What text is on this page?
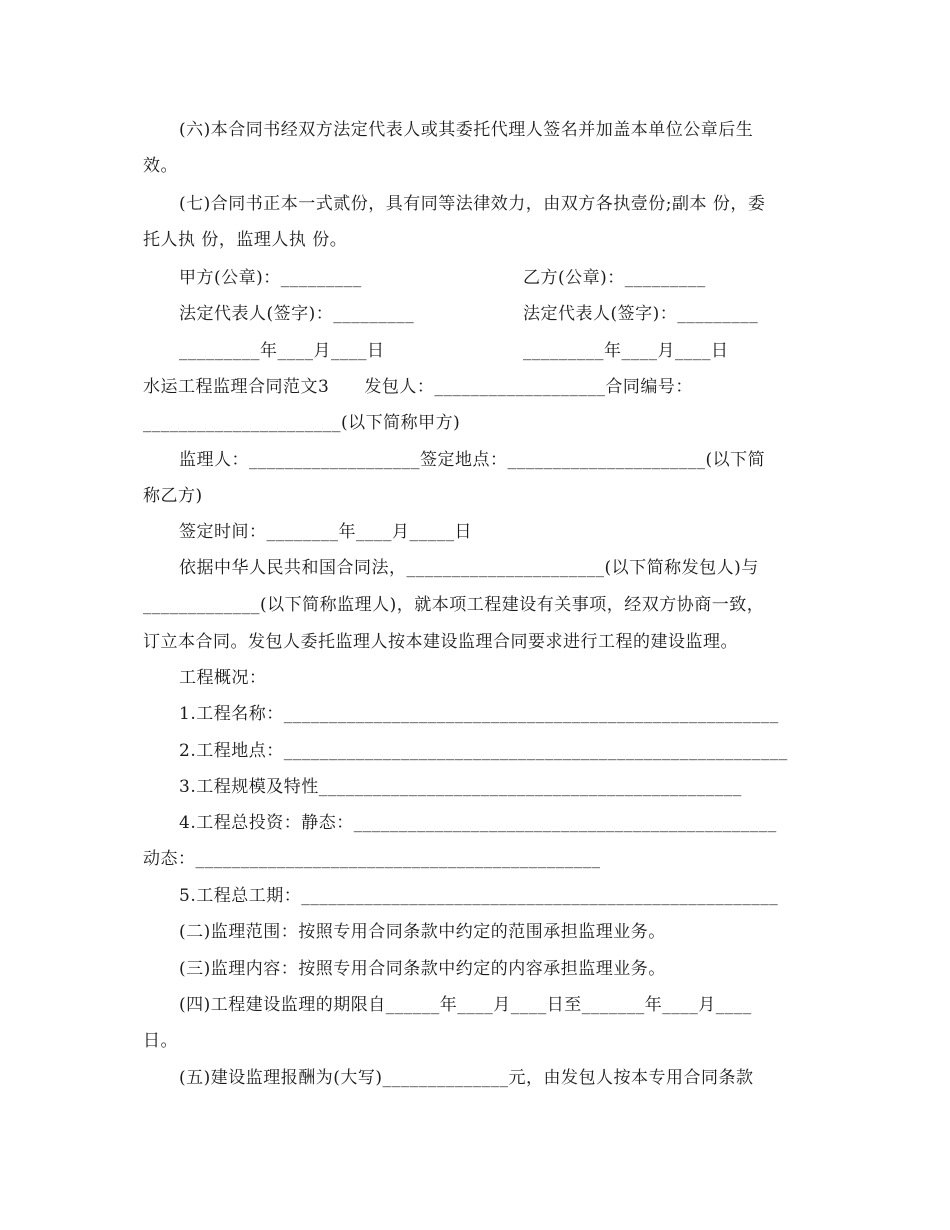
(六)本合同书经双方法定代表人或其委托代理人签名并加盖本单位公章后生
效。
(七)合同书正本一式贰份，具有同等法律效力，由双方各执壹份;副本 份，委
托人执 份，监理人执 份。
甲方(公章)：_________	乙方(公章)：_________
法定代表人(签字)：_________	法定代表人(签字)：_________
_________年____月____日	_________年____月____日
水运工程监理合同范文3　　发包人：___________________合同编号：
______________________(以下简称甲方)
监理人：___________________签定地点：______________________(以下简
称乙方)
签定时间：________年____月_____日
依据中华人民共和国合同法，______________________(以下简称发包人)与
_____________(以下简称监理人)，就本项工程建设有关事项，经双方协商一致，
订立本合同。发包人委托监理人按本建设监理合同要求进行工程的建设监理。
工程概况：
1.工程名称：_______________________________________________________
2.工程地点：________________________________________________________
3.工程规模及特性_______________________________________________
4.工程总投资：静态：_______________________________________________
动态：_____________________________________________
5.工程总工期：_____________________________________________________
(二)监理范围：按照专用合同条款中约定的范围承担监理业务。
(三)监理内容：按照专用合同条款中约定的内容承担监理业务。
(四)工程建设监理的期限自______年____月____日至_______年____月____
日。
(五)建设监理报酬为(大写)______________元，由发包人按本专用合同条款
